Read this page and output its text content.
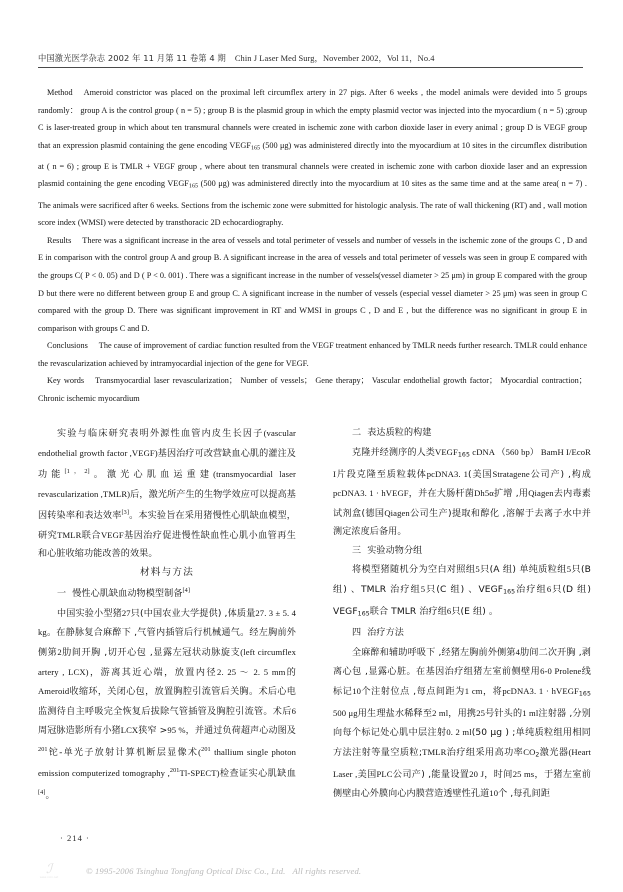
中国激光医学杂志 2002 年 11 月第 11 卷第 4 期 Chin J Laser Med Surg，November 2002，Vol 11，No.4

Method Ameroid constrictor was placed on the proximal left circumflex artery in 27 pigs. After 6 weeks , the model animals were devided into 5 groups randomly： group A is the control group ( n = 5) ; group B is the plasmid group in which the empty plasmid vector was injected into the myocardium ( n = 5) ;group C is laser-treated group in which about ten transmural channels were created in ischemic zone with carbon dioxide laser in every animal ; group D is VEGF group that an expression plasmid containing the gene encoding $VEGF_{165}$ (500 μg) was administered directly into the myocardium at 10 sites in the circumflex distribution at ( n = 6) ; group E is TMLR + VEGF group , where about ten transmural channels were created in ischemic zone with carbon dioxide laser and an expression plasmid containing the gene encoding $VEGF_{165}$ (500 μg) was administered directly into the myocardium at 10 sites as the same time and at the same area( n = 7) . The animals were sacrificed after 6 weeks. Sections from the ischemic zone were submitted for histologic analysis. The rate of wall thickening (RT) and , wall motion score index (WMSI) were detected by transthoracic 2D echocardiography.

Results There was a significant increase in the area of vessels and total perimeter of vessels and number of vessels in the ischemic zone of the groups C , D and E in comparison with the control group A and group B. A significant increase in the area of vessels and total perimeter of vessels was seen in group E compared with the groups C( P < 0. 05) and D ( P < 0. 001) . There was a significant increase in the number of vessels(vessel diameter > 25 μm) in group E compared with the group D but there were no different between group E and group C. A significant increase in the number of vessels (especial vessel diameter > 25 μm) was seen in group C compared with the group D. There was significant improvement in RT and WMSI in groups C , D and E , but the difference was no significant in group E in comparison with groups C and D.

Conclusions The cause of improvement of cardiac function resulted from the VEGF treatment enhanced by TMLR needs further research. TMLR could enhance the revascularization achieved by intramyocardial injection of the gene for VEGF.

Key words Transmyocardial laser revascularization； Number of vessels； Gene therapy； Vascular endothelial growth factor； Myocardial contraction； Chronic ischemic myocardium

实验与临床研究表明外源性血管内皮生长因子(vascular endothelial growth factor ,VEGF)基因治疗可改营缺血心肌的灌注及功能[1，2]。激光心肌血运重建(transmyocardial laser revascularization ,TMLR)后，激光所产生的生物学效应可以提高基因转染率和表达效率[3]。本实验旨在采用猪慢性心肌缺血模型，研究TMLR联合VEGF基因治疗促进慢性缺血性心肌小血管再生和心脏收缩功能改善的效果。

材料与方法

一 慢性心肌缺血动物模型制备[4]

中国实验小型猪27只(中国农业大学提供) ,体质量27. 3 ± 5. 4 kg。在静脉复合麻醉下 ,气管内插管后行机械通气。经左胸前外侧第2肋间开胸 ,切开心包 ,显露左冠状动脉旋支(left circumflex artery , LCX)，游离其近心端，放置内径2. 25 ～ 2. 5 mm的Ameroid收缩环，关闭心包，放置胸腔引流管后关胸。术后心电监测待自主呼吸完全恢复后拔除气管插管及胸腔引流管。术后6周冠脉造影所有小猪LCX狭窄 >95 %，并通过负荷超声心动图及$^{201}$铊-单光子放射计算机断层显像术($^{201}$ thallium single photon emission computerized tomography ,$^{201}$Tl-SPECT)检查证实心肌缺血[4]。

二 表达质粒的构建

克隆并经测序的人类$VEGF_{165}$ cDNA （560 bp） BamH I/EcoR I片段克隆至质粒载体pcDNA3. 1(美国Stratagene公司产) ,构成pcDNA3. 1 · hVEGF，并在大肠杆菌Dh5α扩增 ,用Qiagen去内毒素试剂盒(德国Qiagen公司生产)提取和醇化 ,溶解于去离子水中并测定浓度后备用。

三 实验动物分组

将模型猪随机分为空白对照组5只(A 组) 单纯质粒组5只(B 组) 、TMLR 治疗组5只(C 组) 、$VEGF_{165}$治疗组6只(D 组) $VEGF_{165}$联合 TMLR 治疗组6只(E 组) 。

四 治疗方法

全麻醉和辅助呼吸下 ,经猪左胸前外侧第4肋间二次开胸 ,剥离心包 ,显露心脏。在基因治疗组猪左室前侧壁用6-0 Prolene线标记10个注射位点 ,每点间距为1 cm，将pcDNA3. 1 · hVEGF$_{165}$ 500 μg用生理盐水稀释至2 ml，用携25号针头的1 ml注射器 ,分别向每个标记处心肌中层注射0. 2 ml(50 μg ) ;单纯质粒组用相同方法注射等量空质粒;TMLR治疗组采用高功率$CO_2$激光器(Heart Laser ,美国PLC公司产) ,能量设置20 J，时间25 ms，于猪左室前侧壁由心外膜向心内膜营造透壁性孔道10个 ,每孔间距

· 214 ·
ℐ
www.cnki.net
© 1995-2006 Tsinghua Tongfang Optical Disc Co., Ltd. All rights reserved.
